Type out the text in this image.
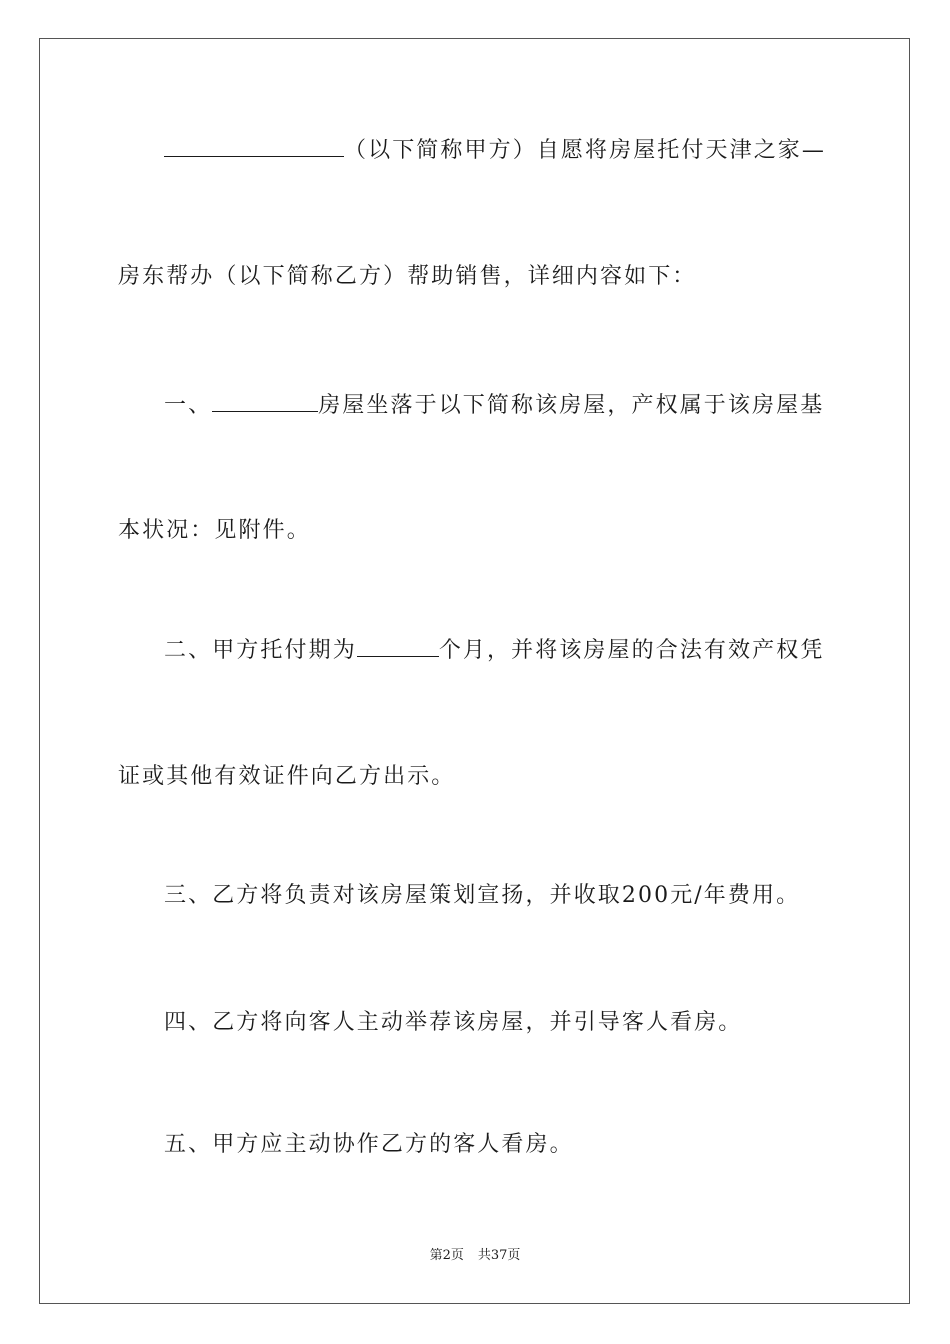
（以下简称甲方）自愿将房屋托付天津之家—
房东帮办（以下简称乙方）帮助销售，详细内容如下：
一、	房屋坐落于以下简称该房屋，产权属于该房屋基
本状况：见附件。
二、甲方托付期为	个月，并将该房屋的合法有效产权凭
证或其他有效证件向乙方出示。
三、乙方将负责对该房屋策划宣扬，并收取200元/年费用。
四、乙方将向客人主动举荐该房屋，并引导客人看房。
五、甲方应主动协作乙方的客人看房。
第2页 共37页
